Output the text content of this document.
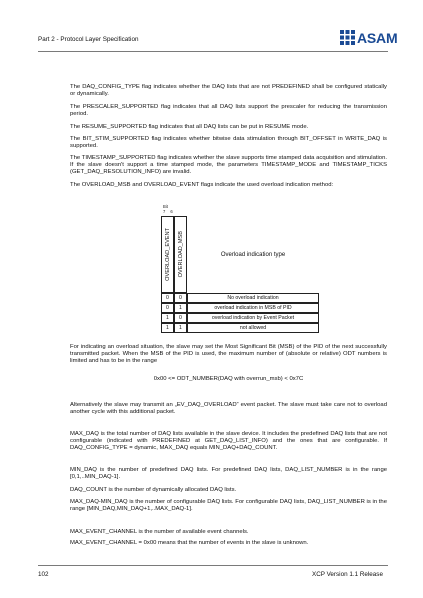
Part 2 - Protocol Layer Specification	ASAM
The DAQ_CONFIG_TYPE flag indicates whether the DAQ lists that are not PREDEFINED shall be configured statically or dynamically.
The PRESCALER_SUPPORTED flag indicates that all DAQ lists support the prescaler for reducing the transmission period.
The RESUME_SUPPORTED flag indicates that all DAQ lists can be put in RESUME mode.
The BIT_STIM_SUPPORTED flag indicates whether bitwise data stimulation through BIT_OFFSET in WRITE_DAQ is supported.
The TIMESTAMP_SUPPORTED flag indicates whether the slave supports time stamped data acquisition and stimulation. If the slave doesn't support a time stamped mode, the parameters TIMESTAMP_MODE and TIMESTAMP_TICKS (GET_DAQ_RESOLUTION_INFO) are invalid.
The OVERLOAD_MSB and OVERLOAD_EVENT flags indicate the used overload indication method:
Bit
7 6
OVERLOAD_EVENT OVERLOAD_MSB	Overload indication type
0	0	No overload indication
0	1	overload indication in MSB of PID
1	0	overload indication by Event Packet
1	1	not allowed
For indicating an overload situation, the slave may set the Most Significant Bit (MSB) of the PID of the next successfully transmitted packet. When the MSB of the PID is used, the maximum number of (absolute or relative) ODT numbers is limited and has to be in the range
0x00 <= ODT_NUMBER(DAQ with overrun_msb) < 0x7C
Alternatively the slave may transmit an „EV_DAQ_OVERLOAD“ event packet. The slave must take care not to overload another cycle with this additional packet.
MAX_DAQ is the total number of DAQ lists available in the slave device. It includes the predefined DAQ lists that are not configurable (indicated with PREDEFINED at GET_DAQ_LIST_INFO) and the ones that are configurable. If DAQ_CONFIG_TYPE = dynamic, MAX_DAQ equals MIN_DAQ+DAQ_COUNT.
MIN_DAQ is the number of predefined DAQ lists. For predefined DAQ lists, DAQ_LIST_NUMBER is in the range [0,1,..MIN_DAQ-1].
DAQ_COUNT is the number of dynamically allocated DAQ lists.
MAX_DAQ-MIN_DAQ is the number of configurable DAQ lists. For configurable DAQ lists, DAQ_LIST_NUMBER is in the range [MIN_DAQ,MIN_DAQ+1,..MAX_DAQ-1].
MAX_EVENT_CHANNEL is the number of available event channels.
MAX_EVENT_CHANNEL = 0x00 means that the number of events in the slave is unknown.
102	XCP Version 1.1 Release
